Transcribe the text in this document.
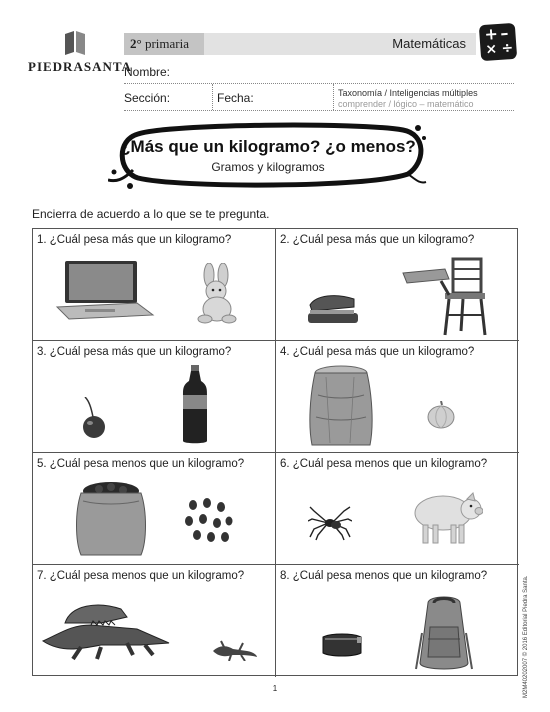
PIEDRASANTA
2° primaria	Matemáticas + –
× ÷
Nombre:
Sección:	Fecha:	Taxonomía / Inteligencias múltiples
comprender / lógico – matemático
¿Más que un kilogramo? ¿o menos?
Gramos y kilogramos
Encierra de acuerdo a lo que se te pregunta.
1. ¿Cuál pesa más que un kilogramo?	2. ¿Cuál pesa más que un kilogramo?
3. ¿Cuál pesa más que un kilogramo?	4. ¿Cuál pesa más que un kilogramo?
5. ¿Cuál pesa menos que un kilogramo?	6. ¿Cuál pesa menos que un kilogramo?
7. ¿Cuál pesa menos que un kilogramo?	8. ¿Cuál pesa menos que un kilogramo?	M2M40202007 © 2016 Editorial Piedra Santa.
1
